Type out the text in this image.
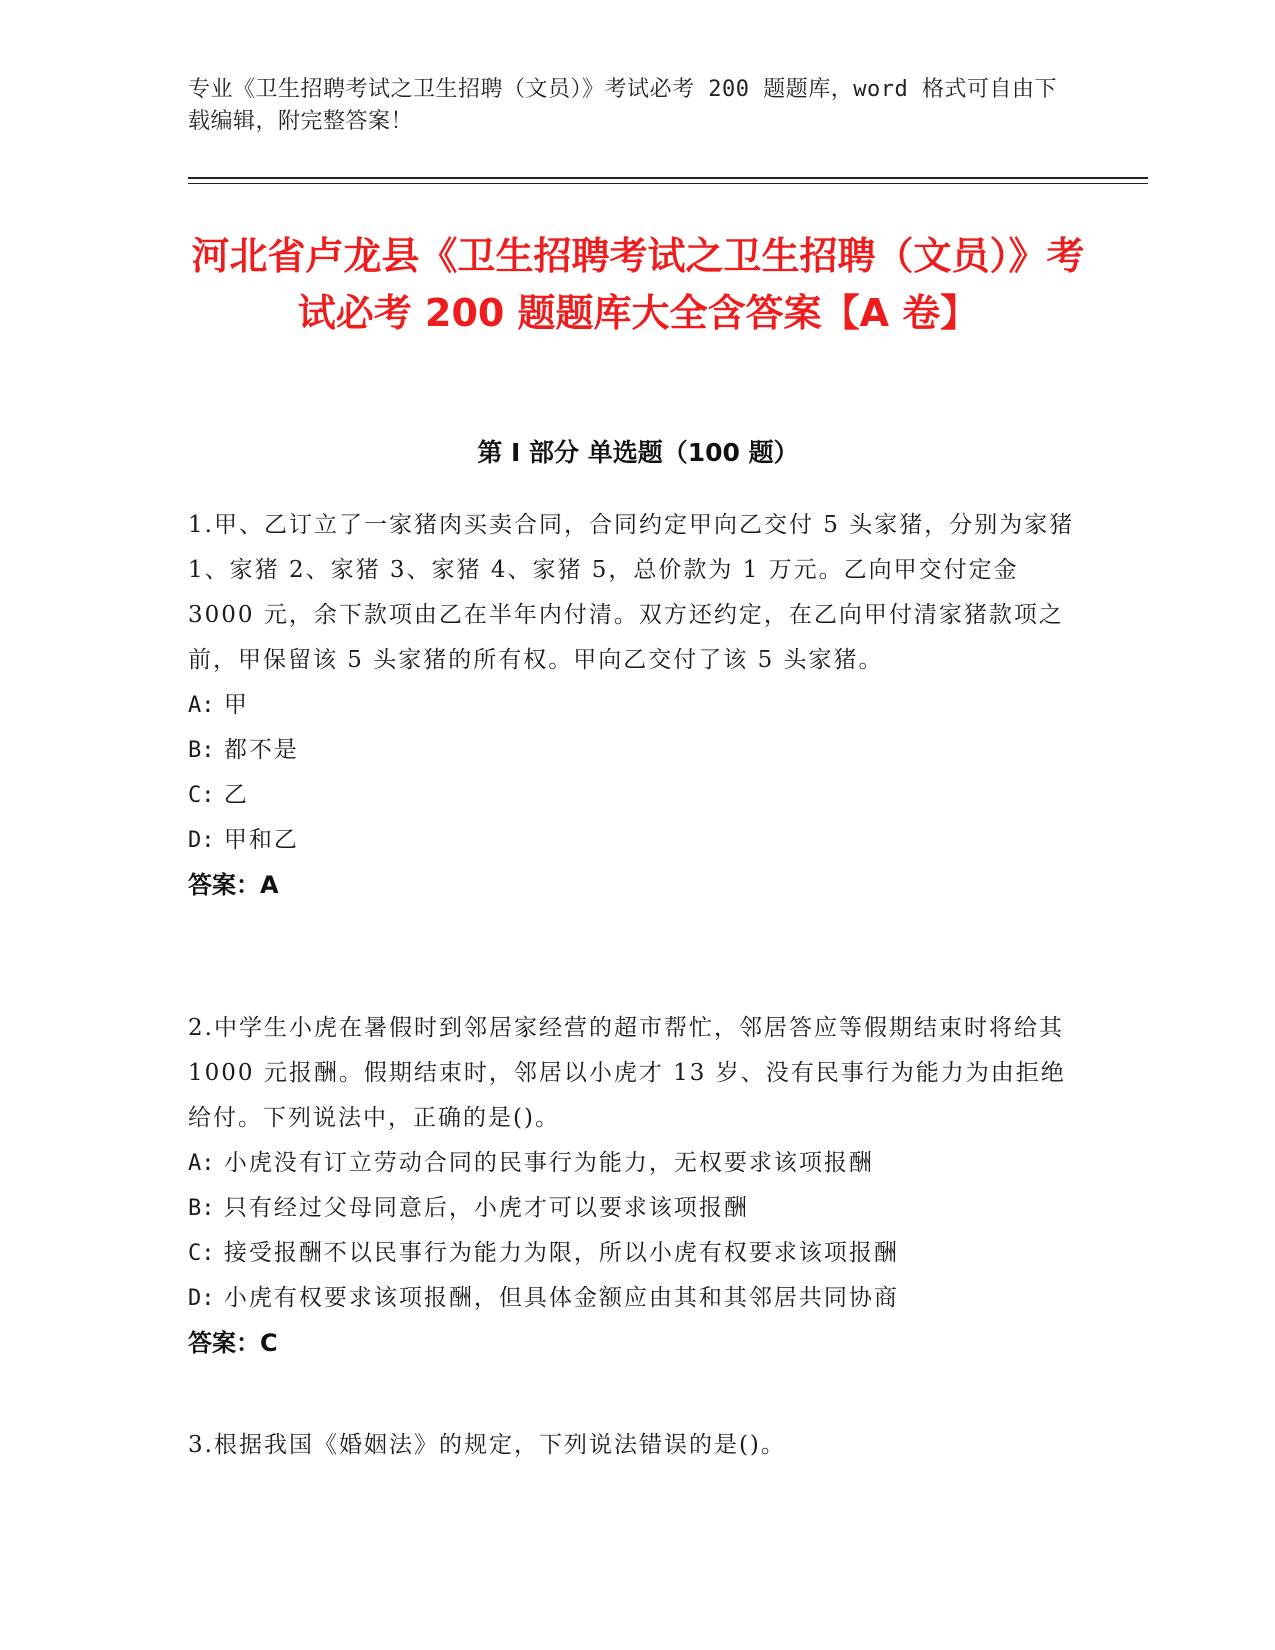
专业《卫生招聘考试之卫生招聘（文员）》考试必考 200 题题库，word 格式可自由下载编辑，附完整答案！
河北省卢龙县《卫生招聘考试之卫生招聘（文员）》考试必考 200 题题库大全含答案【A 卷】
第 I 部分 单选题（100 题）
1.甲、乙订立了一家猪肉买卖合同，合同约定甲向乙交付 5 头家猪，分别为家猪 1、家猪 2、家猪 3、家猪 4、家猪 5，总价款为 1 万元。乙向甲交付定金 3000 元，余下款项由乙在半年内付清。双方还约定，在乙向甲付清家猪款项之前，甲保留该 5 头家猪的所有权。甲向乙交付了该 5 头家猪。
A: 甲
B: 都不是
C: 乙
D: 甲和乙
答案：A
2.中学生小虎在暑假时到邻居家经营的超市帮忙，邻居答应等假期结束时将给其 1000 元报酬。假期结束时，邻居以小虎才 13 岁、没有民事行为能力为由拒绝给付。下列说法中，正确的是()。
A: 小虎没有订立劳动合同的民事行为能力，无权要求该项报酬
B: 只有经过父母同意后，小虎才可以要求该项报酬
C: 接受报酬不以民事行为能力为限，所以小虎有权要求该项报酬
D: 小虎有权要求该项报酬，但具体金额应由其和其邻居共同协商
答案：C
3.根据我国《婚姻法》的规定，下列说法错误的是()。
